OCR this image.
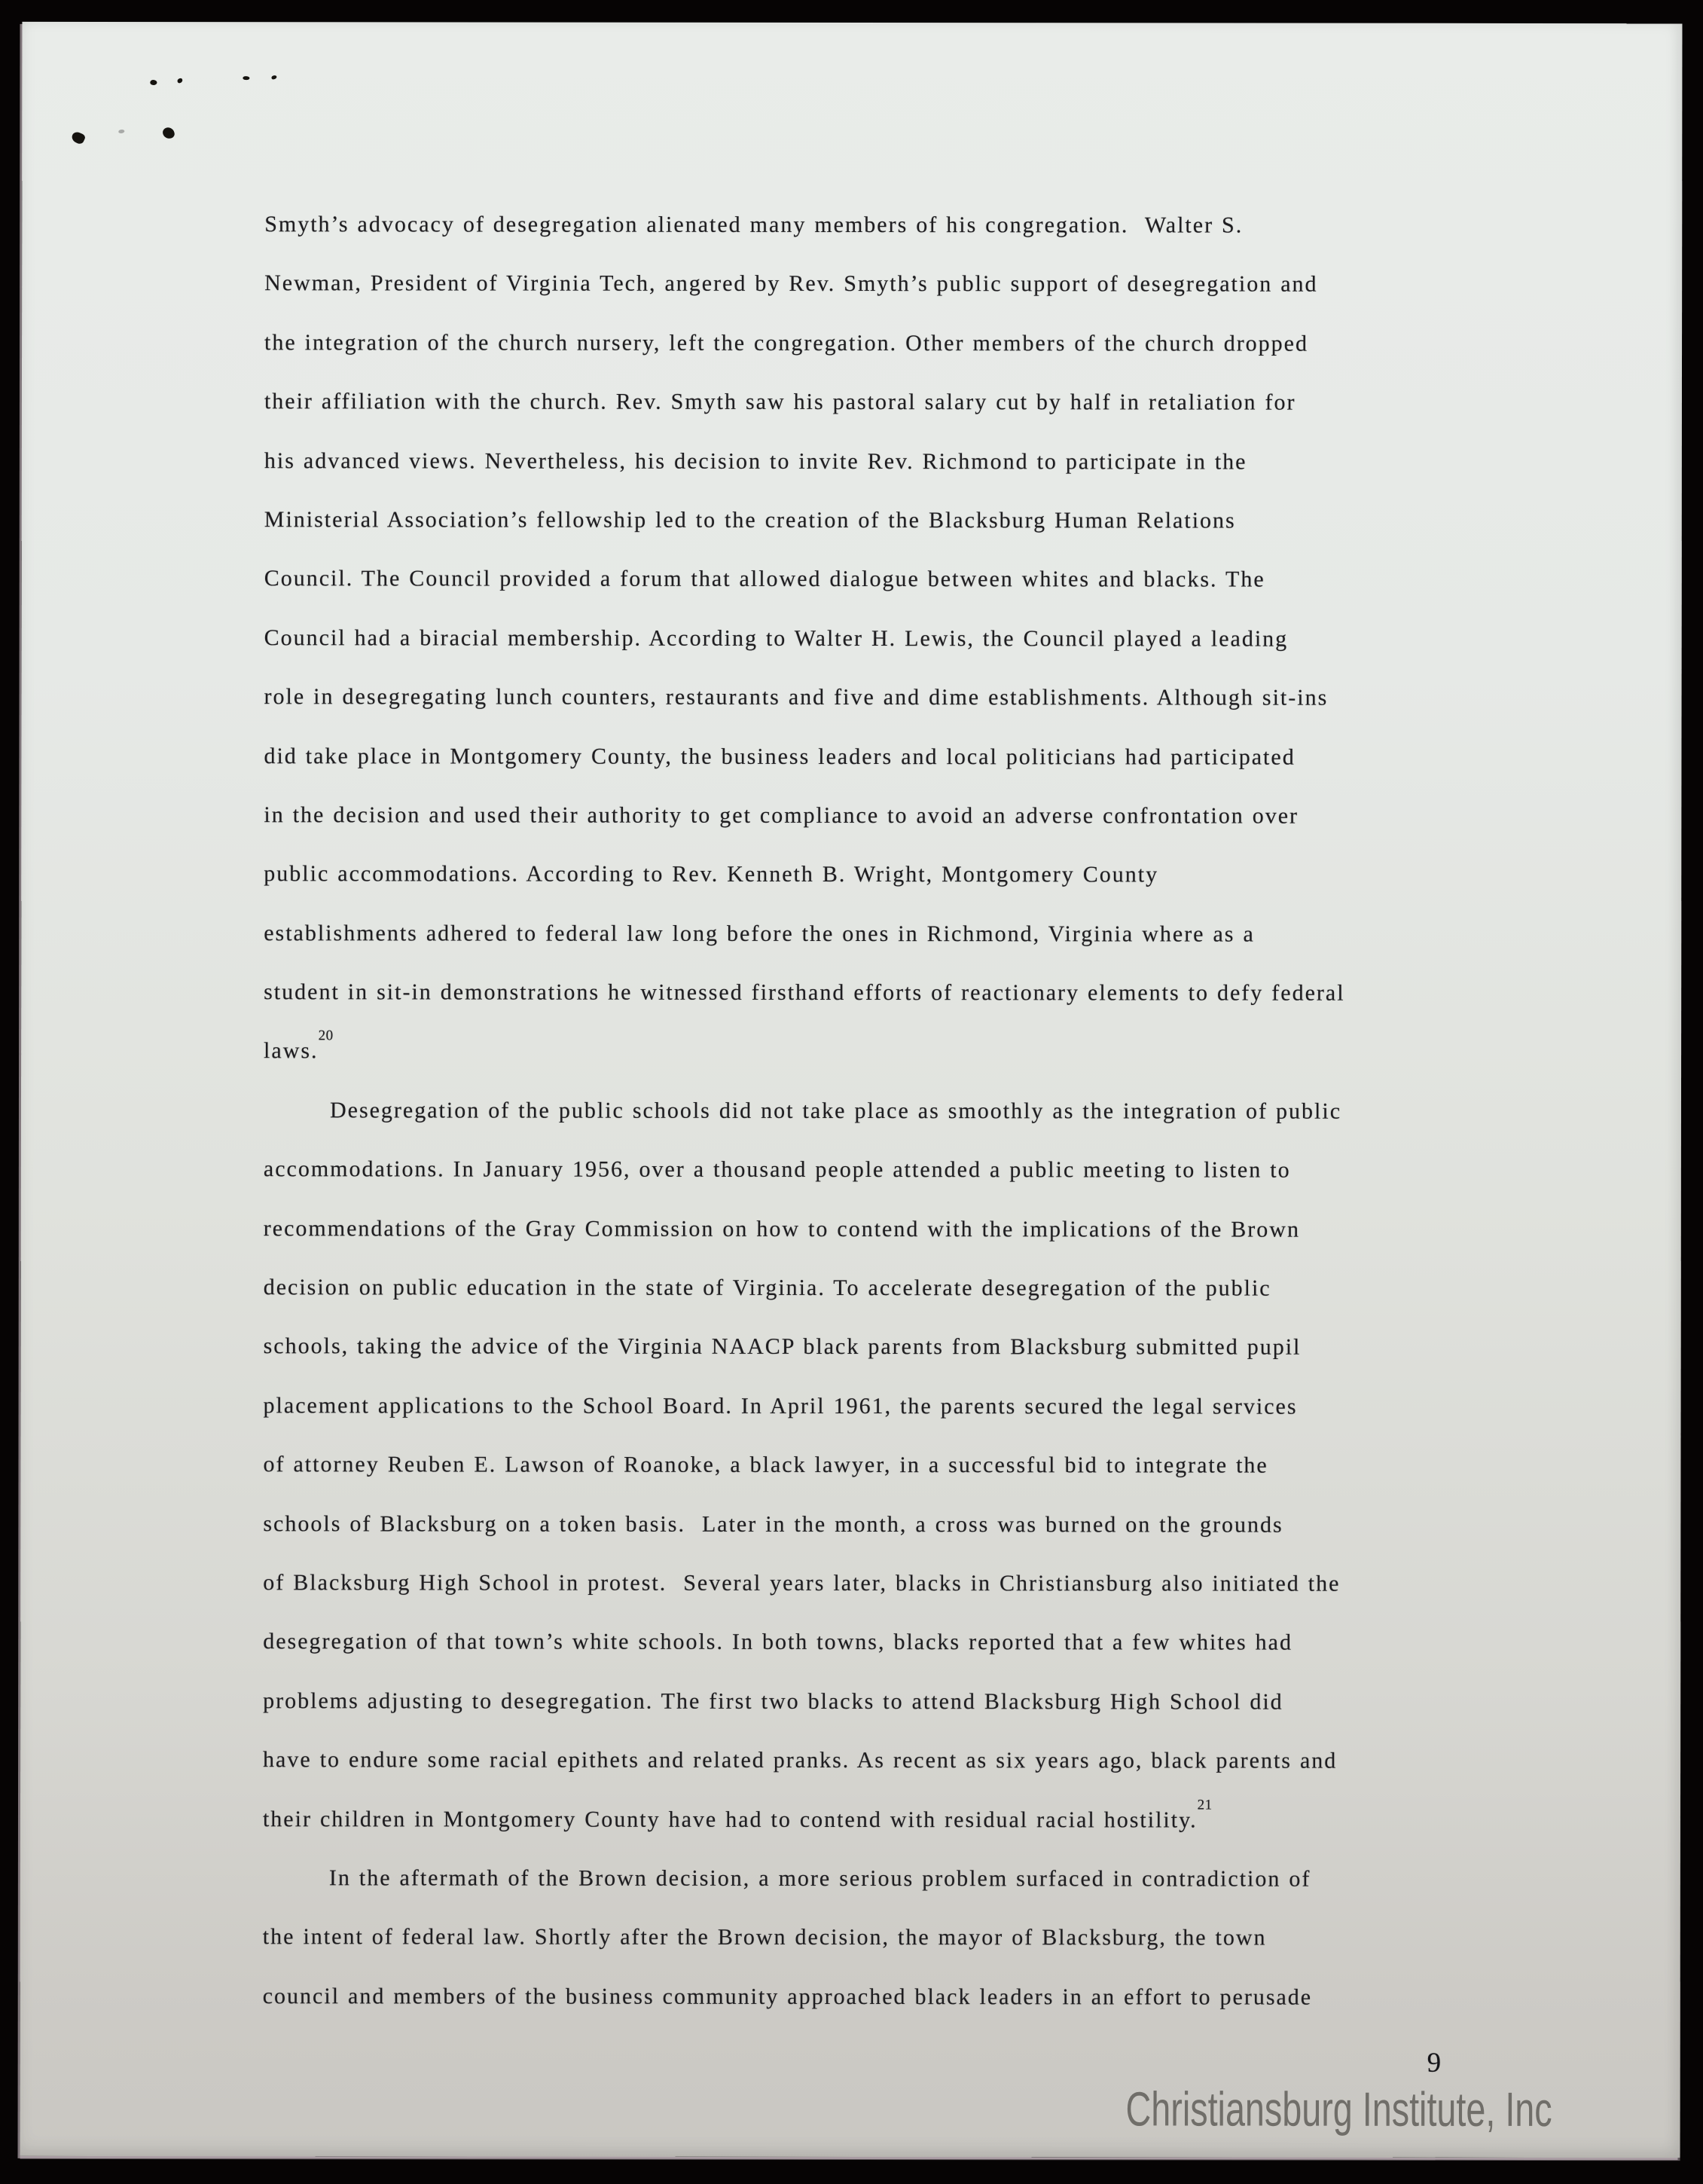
Smyth’s advocacy of desegregation alienated many members of his congregation.  Walter S.
Newman, President of Virginia Tech, angered by Rev. Smyth’s public support of desegregation and
the integration of the church nursery, left the congregation. Other members of the church dropped
their affiliation with the church. Rev. Smyth saw his pastoral salary cut by half in retaliation for
his advanced views. Nevertheless, his decision to invite Rev. Richmond to participate in the
Ministerial Association’s fellowship led to the creation of the Blacksburg Human Relations
Council. The Council provided a forum that allowed dialogue between whites and blacks. The
Council had a biracial membership. According to Walter H. Lewis, the Council played a leading
role in desegregating lunch counters, restaurants and five and dime establishments. Although sit-ins
did take place in Montgomery County, the business leaders and local politicians had participated
in the decision and used their authority to get compliance to avoid an adverse confrontation over
public accommodations. According to Rev. Kenneth B. Wright, Montgomery County
establishments adhered to federal law long before the ones in Richmond, Virginia where as a
student in sit-in demonstrations he witnessed firsthand efforts of reactionary elements to defy federal
laws.$^{20}$
Desegregation of the public schools did not take place as smoothly as the integration of public
accommodations. In January 1956, over a thousand people attended a public meeting to listen to
recommendations of the Gray Commission on how to contend with the implications of the Brown
decision on public education in the state of Virginia. To accelerate desegregation of the public
schools, taking the advice of the Virginia NAACP black parents from Blacksburg submitted pupil
placement applications to the School Board. In April 1961, the parents secured the legal services
of attorney Reuben E. Lawson of Roanoke, a black lawyer, in a successful bid to integrate the
schools of Blacksburg on a token basis.  Later in the month, a cross was burned on the grounds
of Blacksburg High School in protest.  Several years later, blacks in Christiansburg also initiated the
desegregation of that town’s white schools. In both towns, blacks reported that a few whites had
problems adjusting to desegregation. The first two blacks to attend Blacksburg High School did
have to endure some racial epithets and related pranks. As recent as six years ago, black parents and
their children in Montgomery County have had to contend with residual racial hostility.$^{21}$
In the aftermath of the Brown decision, a more serious problem surfaced in contradiction of
the intent of federal law. Shortly after the Brown decision, the mayor of Blacksburg, the town
council and members of the business community approached black leaders in an effort to perusade
9
Christiansburg Institute, Inc
